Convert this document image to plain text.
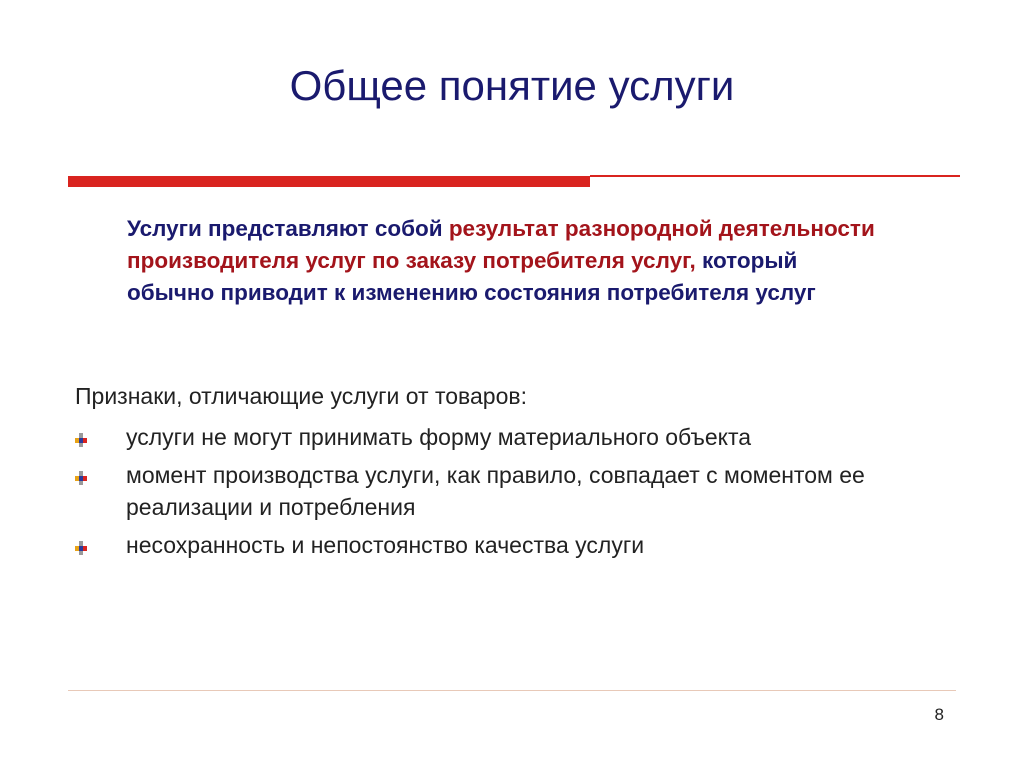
Общее понятие услуги

Услуги представляют собой результат разнородной деятельности производителя услуг по заказу потребителя услуг, который обычно приводит к изменению состояния потребителя услуг

Признаки, отличающие услуги от товаров:

услуги не могут принимать форму материального объекта
момент производства услуги, как правило, совпадает с моментом ее реализации и потребления
несохранность и непостоянство качества услуги
8
